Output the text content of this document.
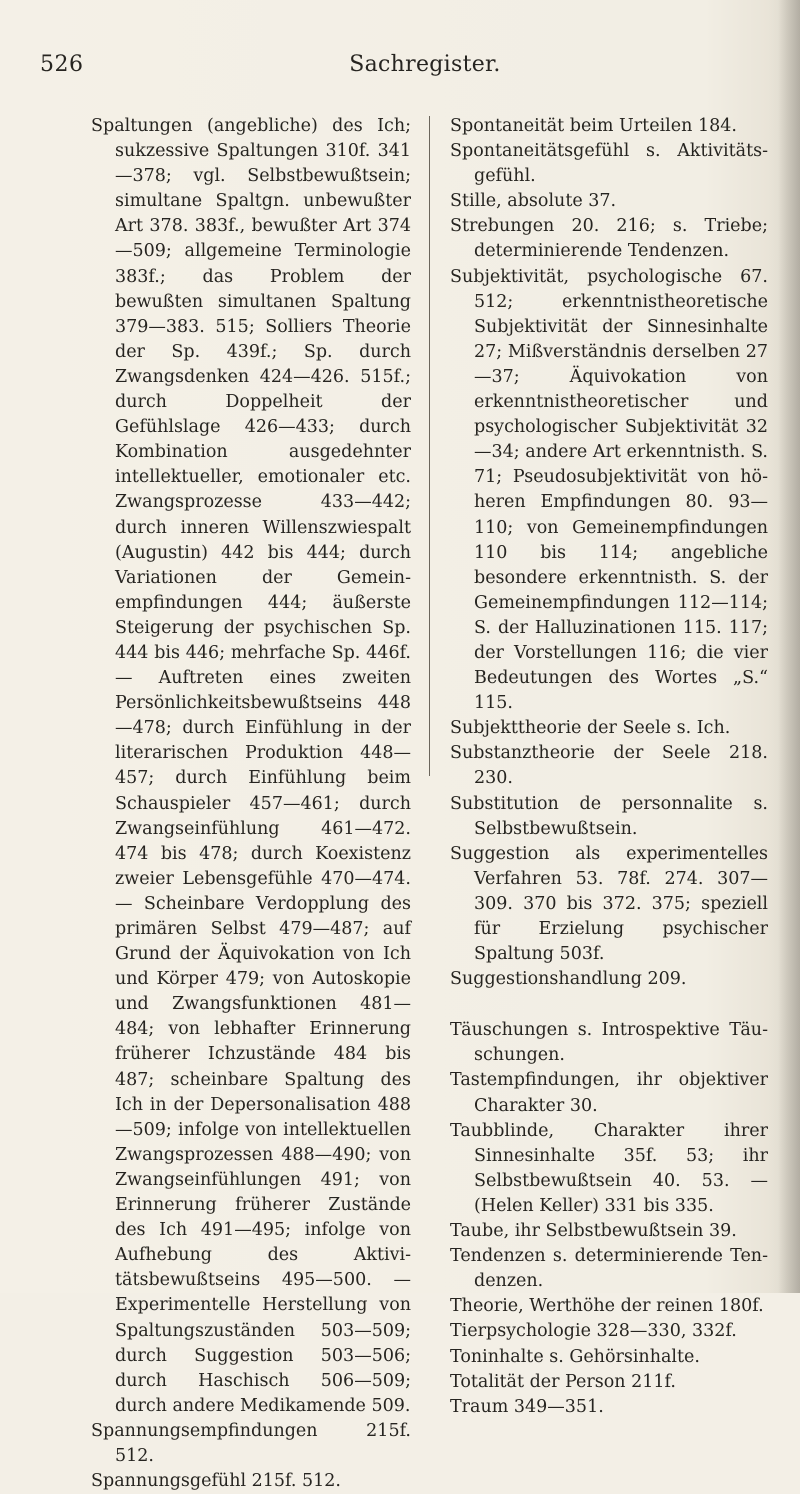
526	Sachregister.

Spaltungen (angebliche) des Ich; sukzessive Spaltungen 310f. 341—378; vgl. Selbstbewußtsein; simultane Spaltgn. unbewußter Art 378. 383f., bewußter Art 374—509; allgemeine Terminologie 383f.; das Problem der bewußten simultanen Spaltung 379—383. 515; Solliers Theorie der Sp. 439f.; Sp. durch Zwangsdenken 424—426. 515f.; durch Doppelheit der Gefühlslage 426—433; durch Kombination ausgedehnter intellektueller, emotionaler etc. Zwangsprozesse 433—442; durch inneren Willenszwiespalt (Augustin) 442 bis 444; durch Variationen der Gemeinempfindungen 444; äußerste Steigerung der psychischen Sp. 444 bis 446; mehrfache Sp. 446f. — Auftreten eines zweiten Persönlichkeitsbewußtseins 448—478; durch Einfühlung in der literarischen Produktion 448—457; durch Einfühlung beim Schauspieler 457—461; durch Zwangseinfühlung 461—472. 474 bis 478; durch Koexistenz zweier Lebensgefühle 470—474. — Scheinbare Verdopplung des primären Selbst 479—487; auf Grund der Äquivokation von Ich und Körper 479; von Autoskopie und Zwangsfunktionen 481—484; von lebhafter Erinnerung früherer Ichzustände 484 bis 487; scheinbare Spaltung des Ich in der Depersonalisation 488—509; infolge von intellektuellen Zwangsprozessen 488—490; von Zwangseinfühlungen 491; von Erinnerung früherer Zustände des Ich 491—495; infolge von Aufhebung des Aktivitätsbewußtseins 495—500. — Experimentelle Herstellung von Spaltungszuständen 503—509; durch Suggestion 503—506; durch Haschisch 506—509; durch andere Medikamende 509.

Spannungsempfindungen 215f. 512.

Spannungsgefühl 215f. 512.

Spontaneität beim Urteilen 184.

Spontaneitätsgefühl s. Aktivitätsgefühl.

Stille, absolute 37.

Strebungen 20. 216; s. Triebe; determinierende Tendenzen.

Subjektivität, psychologische 67. 512; erkenntnistheoretische Subjektivität der Sinnesinhalte 27; Mißverständnis derselben 27—37; Äquivokation von erkenntnistheoretischer und psychologischer Subjektivität 32—34; andere Art erkenntnisth. S. 71; Pseudosubjektivität von höheren Empfindungen 80. 93—110; von Gemeinempfindungen 110 bis 114; angebliche besondere erkenntnisth. S. der Gemeinempfindungen 112—114; S. der Halluzinationen 115. 117; der Vorstellungen 116; die vier Bedeutungen des Wortes „S.“ 115.

Subjekttheorie der Seele s. Ich.

Substanztheorie der Seele 218. 230.

Substitution de personnalite s. Selbstbewußtsein.

Suggestion als experimentelles Verfahren 53. 78f. 274. 307—309. 370 bis 372. 375; speziell für Erzielung psychischer Spaltung 503f.

Suggestionshandlung 209.

Täuschungen s. Introspektive Täuschungen.

Tastempfindungen, ihr objektiver Charakter 30.

Taubblinde, Charakter ihrer Sinnesinhalte 35f. 53; ihr Selbstbewußtsein 40. 53. — (Helen Keller) 331 bis 335.

Taube, ihr Selbstbewußtsein 39.

Tendenzen s. determinierende Tendenzen.

Theorie, Werthöhe der reinen 180f.

Tierpsychologie 328—330, 332f.

Toninhalte s. Gehörsinhalte.

Totalität der Person 211f.

Traum 349—351.
